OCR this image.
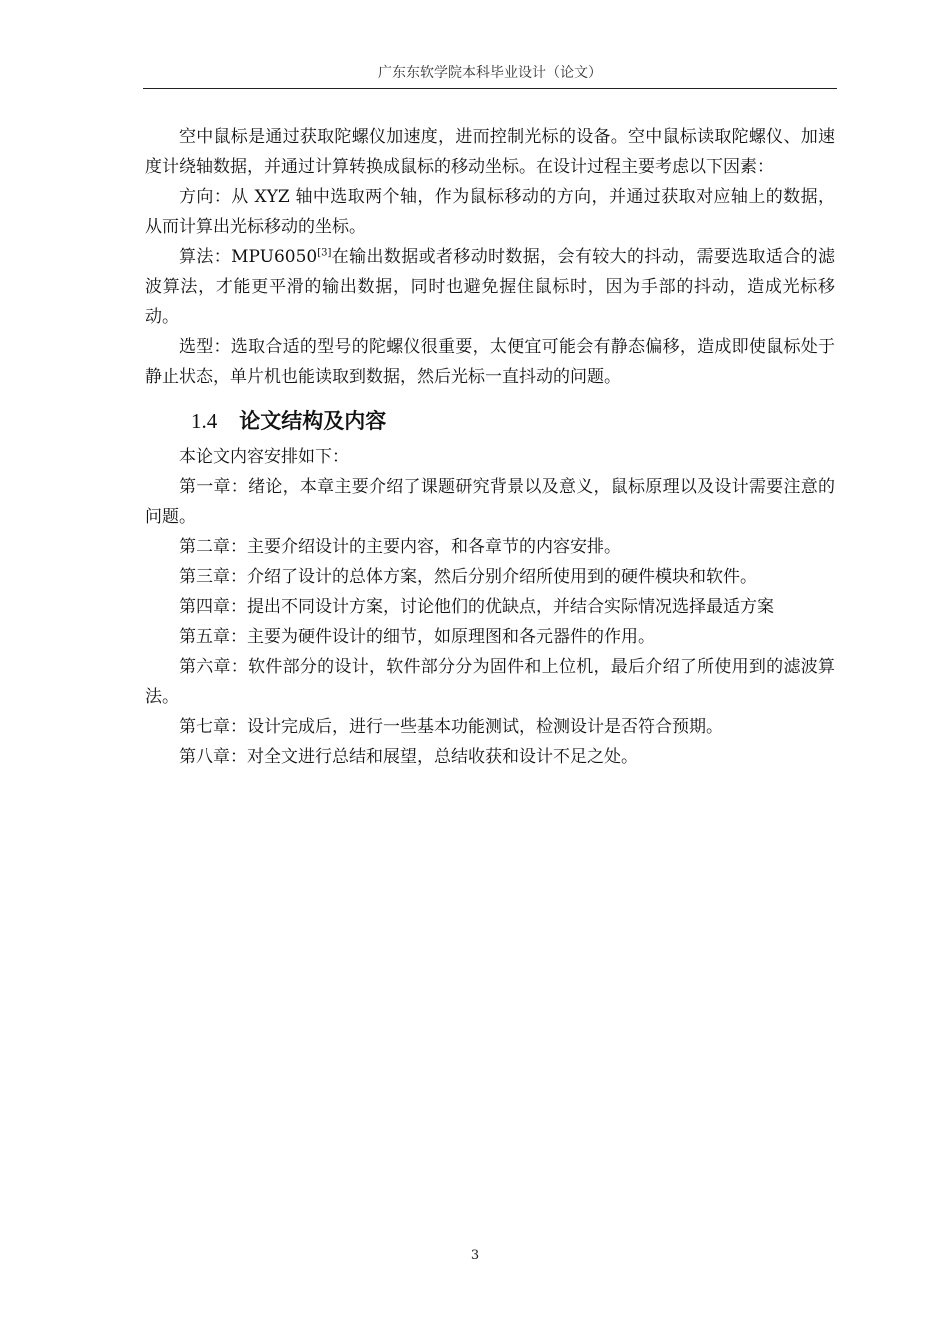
广东东软学院本科毕业设计（论文）

空中鼠标是通过获取陀螺仪加速度，进而控制光标的设备。空中鼠标读取陀螺仪、加速度计绕轴数据，并通过计算转换成鼠标的移动坐标。在设计过程主要考虑以下因素：

方向：从 XYZ 轴中选取两个轴，作为鼠标移动的方向，并通过获取对应轴上的数据，从而计算出光标移动的坐标。

算法：MPU6050[3]在输出数据或者移动时数据，会有较大的抖动，需要选取适合的滤波算法，才能更平滑的输出数据，同时也避免握住鼠标时，因为手部的抖动，造成光标移动。

选型：选取合适的型号的陀螺仪很重要，太便宜可能会有静态偏移，造成即使鼠标处于静止状态，单片机也能读取到数据，然后光标一直抖动的问题。

1.4 论文结构及内容

本论文内容安排如下：

第一章：绪论，本章主要介绍了课题研究背景以及意义，鼠标原理以及设计需要注意的问题。

第二章：主要介绍设计的主要内容，和各章节的内容安排。

第三章：介绍了设计的总体方案，然后分别介绍所使用到的硬件模块和软件。

第四章：提出不同设计方案，讨论他们的优缺点，并结合实际情况选择最适方案

第五章：主要为硬件设计的细节，如原理图和各元器件的作用。

第六章：软件部分的设计，软件部分分为固件和上位机，最后介绍了所使用到的滤波算法。

第七章：设计完成后，进行一些基本功能测试，检测设计是否符合预期。

第八章：对全文进行总结和展望，总结收获和设计不足之处。

3
